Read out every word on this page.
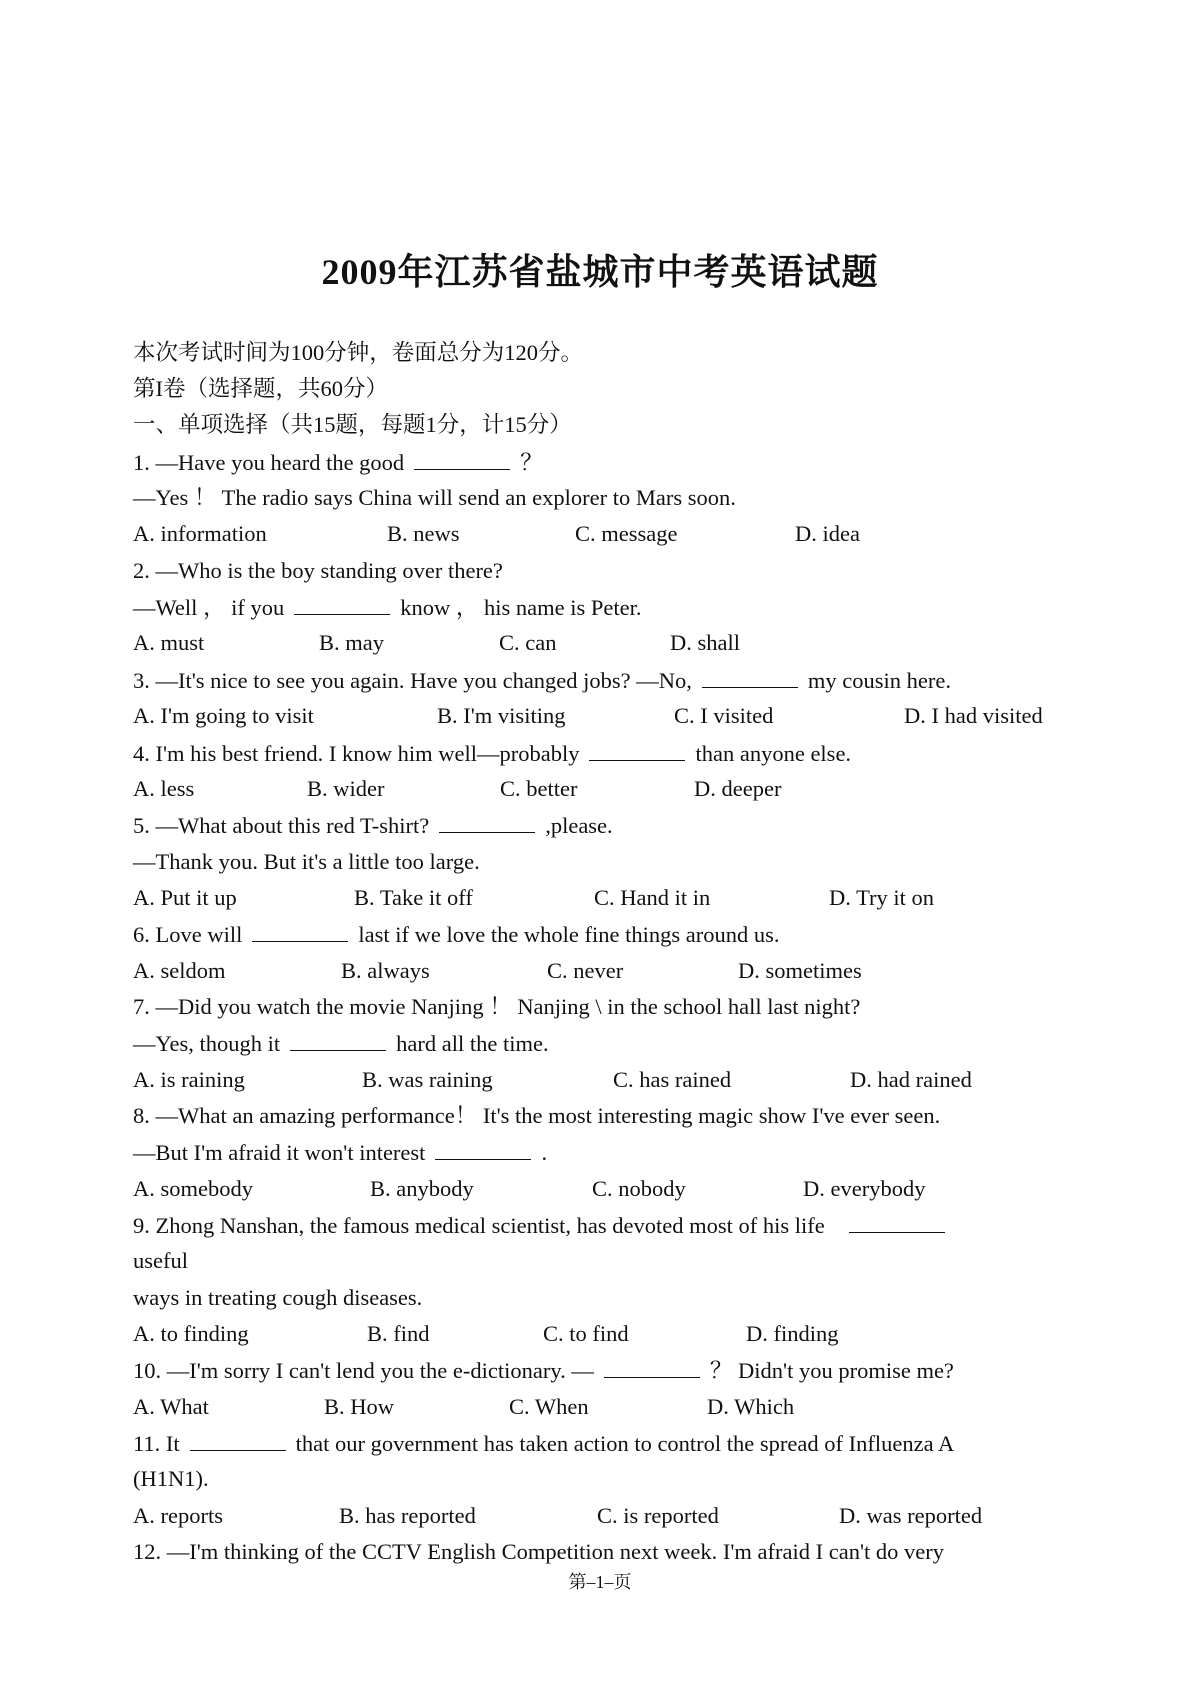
2009年江苏省盐城市中考英语试题
本次考试时间为100分钟，卷面总分为120分。
第I卷（选择题，共60分）
一、单项选择（共15题，每题1分，计15分）
1. —Have you heard the good	？
—Yes ！ The radio says China will send an explorer to Mars soon.
A. information	B. news	C. message	D. idea
2. —Who is the boy standing over there?
—Well ， if you	know ， his name is Peter.
A. must	B. may	C. can	D. shall
3. —It's nice to see you again. Have you changed jobs? —No,	my cousin here.
A. I'm going to visit	B. I'm visiting	C. I visited	D. I had visited
4. I'm his best friend. I know him well—probably	than anyone else.
A. less	B. wider	C. better	D. deeper
5. —What about this red T-shirt?	,please.
—Thank you. But it's a little too large.
A. Put it up	B. Take it off	C. Hand it in	D. Try it on
6. Love will	last if we love the whole fine things around us.
A. seldom	B. always	C. never	D. sometimes
7. —Did you watch the movie Nanjing ！ Nanjing \ in the school hall last night?
—Yes, though it	hard all the time.
A. is raining	B. was raining	C. has rained	D. had rained
8. —What an amazing performance！ It's the most interesting magic show I've ever seen.
—But I'm afraid it won't interest	.
A. somebody	B. anybody	C. nobody	D. everybody
9. Zhong Nanshan, the famous medical scientist, has devoted most of his life
useful
ways in treating cough diseases.
A. to finding	B. find	C. to find	D. finding
10. —I'm sorry I can't lend you the e-dictionary. —	？ Didn't you promise me?
A. What	B. How	C. When	D. Which
11. It	that our government has taken action to control the spread of Influenza A
(H1N1).
A. reports	B. has reported	C. is reported	D. was reported
12. —I'm thinking of the CCTV English Competition next week. I'm afraid I can't do very
第–1–页
